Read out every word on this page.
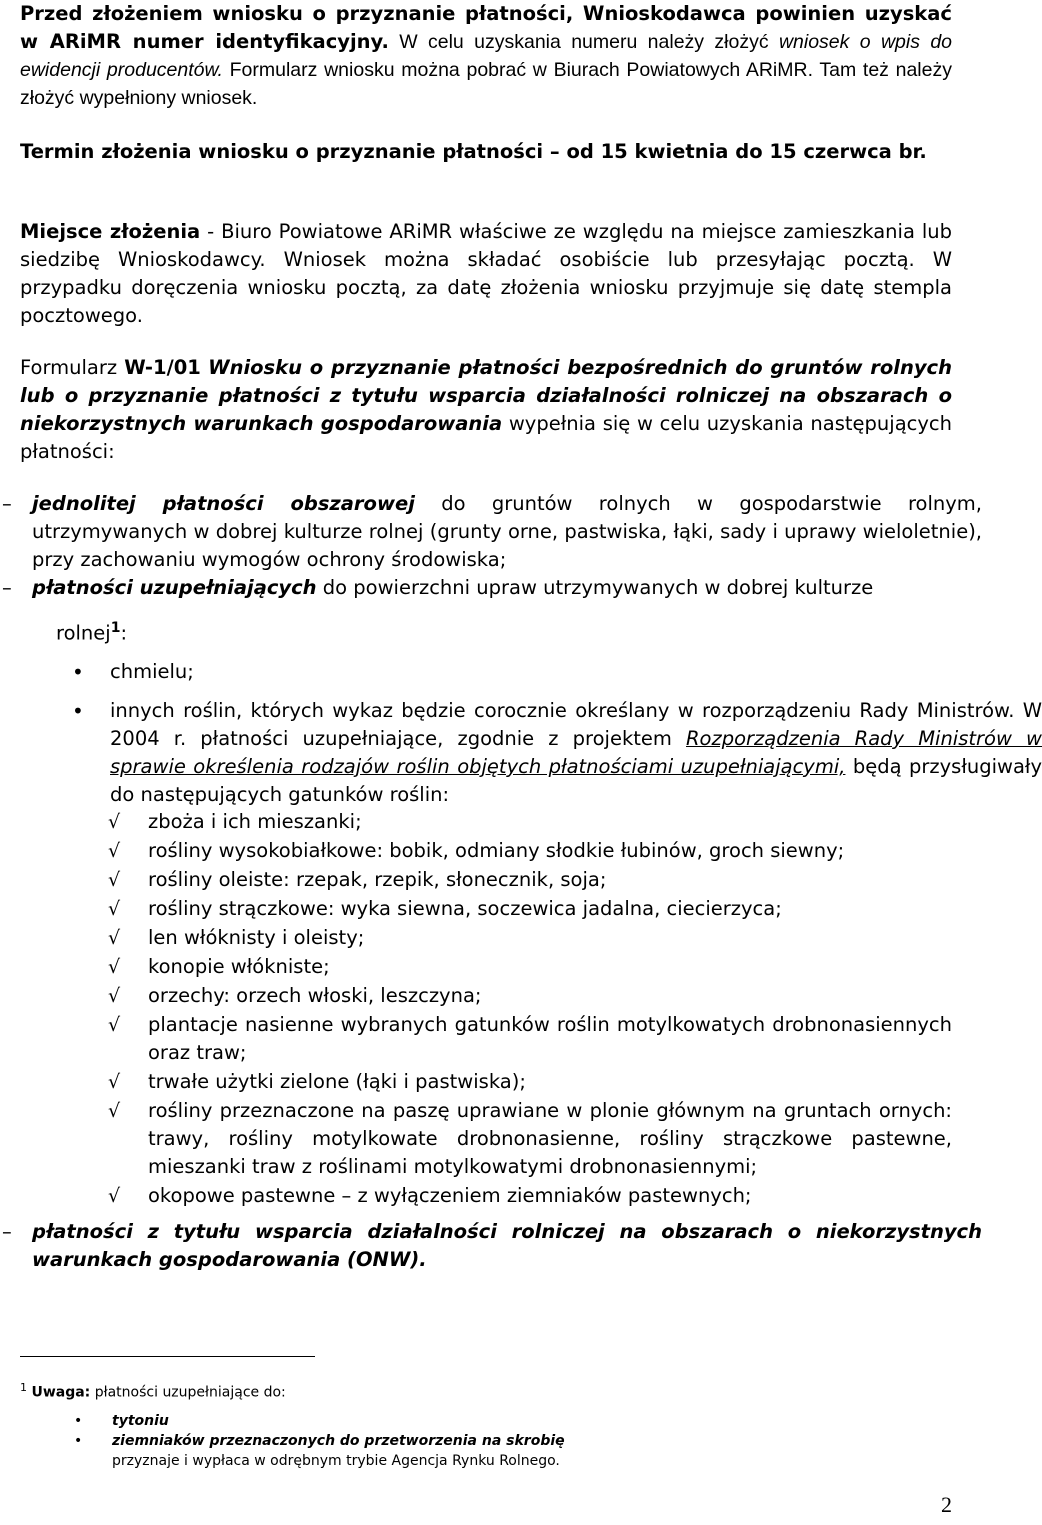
Przed złożeniem wniosku o przyznanie płatności, Wnioskodawca powinien uzyskać w ARiMR numer identyfikacyjny. W celu uzyskania numeru należy złożyć wniosek o wpis do ewidencji producentów. Formularz wniosku można pobrać w Biurach Powiatowych ARiMR. Tam też należy złożyć wypełniony wniosek.

Termin złożenia wniosku o przyznanie płatności – od 15 kwietnia do 15 czerwca br.

Miejsce złożenia - Biuro Powiatowe ARiMR właściwe ze względu na miejsce zamieszkania lub siedzibę Wnioskodawcy. Wniosek można składać osobiście lub przesyłając pocztą. W przypadku doręczenia wniosku pocztą, za datę złożenia wniosku przyjmuje się datę stempla pocztowego.

Formularz W-1/01 Wniosku o przyznanie płatności bezpośrednich do gruntów rolnych lub o przyznanie płatności z tytułu wsparcia działalności rolniczej na obszarach o niekorzystnych warunkach gospodarowania wypełnia się w celu uzyskania następujących płatności:

– jednolitej płatności obszarowej do gruntów rolnych w gospodarstwie rolnym, utrzymywanych w dobrej kulturze rolnej (grunty orne, pastwiska, łąki, sady i uprawy wieloletnie), przy zachowaniu wymogów ochrony środowiska;
– płatności uzupełniających do powierzchni upraw utrzymywanych w dobrej kulturze
rolnej$^1$:
• chmielu;
• innych roślin, których wykaz będzie corocznie określany w rozporządzeniu Rady Ministrów. W 2004 r. płatności uzupełniające, zgodnie z projektem Rozporządzenia Rady Ministrów w sprawie określenia rodzajów roślin objętych płatnościami uzupełniającymi, będą przysługiwały do następujących gatunków roślin:
√ zboża i ich mieszanki;
√ rośliny wysokobiałkowe: bobik, odmiany słodkie łubinów, groch siewny;
√ rośliny oleiste: rzepak, rzepik, słonecznik, soja;
√ rośliny strączkowe: wyka siewna, soczewica jadalna, ciecierzyca;
√ len włóknisty i oleisty;
√ konopie włókniste;
√ orzechy: orzech włoski, leszczyna;
√ plantacje nasienne wybranych gatunków roślin motylkowatych drobnonasiennych oraz traw;
√ trwałe użytki zielone (łąki i pastwiska);
√ rośliny przeznaczone na paszę uprawiane w plonie głównym na gruntach ornych: trawy, rośliny motylkowate drobnonasienne, rośliny strączkowe pastewne, mieszanki traw z roślinami motylkowatymi drobnonasiennymi;
√ okopowe pastewne – z wyłączeniem ziemniaków pastewnych;
– płatności z tytułu wsparcia działalności rolniczej na obszarach o niekorzystnych warunkach gospodarowania (ONW).
$^1$ Uwaga: płatności uzupełniające do:
• tytoniu
• ziemniaków przeznaczonych do przetworzenia na skrobię
przyznaje i wypłaca w odrębnym trybie Agencja Rynku Rolnego.
2
